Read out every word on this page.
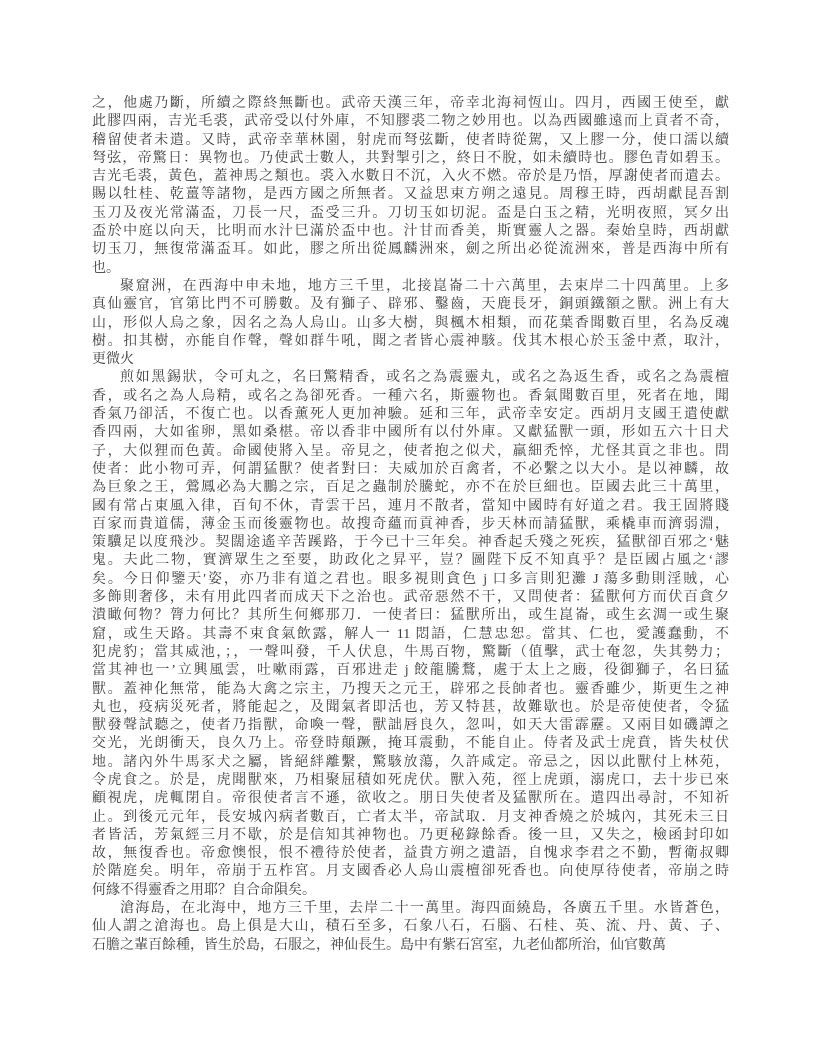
之，他處乃斷，所續之際終無斷也。武帝天漢三年，帝幸北海祠恆山。四月，西國王使至，獻
此膠四兩，吉光毛裘，武帝受以付外庫，不知膠裘二物之妙用也。以為西國雖遠而上貢者不奇，
稽留使者未遣。又時，武帝幸華林園，射虎而弩弦斷，使者時從駕，又上膠一分，使口濡以續
弩弦，帝驚日：異物也。乃使武士數人，共對掣引之，終日不脫，如未續時也。膠色青如碧玉。
吉光毛裘，黃色，蓋神馬之類也。裘入水數日不沉，入火不燃。帝於是乃悟，厚謝使者而遣去。
賜以牡桂、乾薑等諸物，是西方國之所無者。又益思束方朔之遠見。周穆王時，西胡獻昆吾割
玉刀及夜光常滿盃，刀長一尺，盃受三升。刀切玉如切泥。盃是白玉之精，光明夜照，冥夕出
盃於中庭以向天，比明而水汁巳滿於盃中也。汁甘而香美，斯實靈人之器。秦始皇時，西胡獻
切玉刀，無復常滿盃耳。如此，膠之所出從鳳麟洲來，劍之所出必從流洲來，普是西海中所有
也。
聚窟洲，在西海中申未地，地方三千里，北接崑崙二十六萬里，去束岸二十四萬里。上多
真仙靈官，官第比門不可勝數。及有獅子、辟邪、鑿齒，天鹿長牙，銅頭鐵額之獸。洲上有大
山，形似人烏之象，因名之為人烏山。山多大樹，與楓木相類，而花葉香聞數百里，名為反魂
樹。扣其樹，亦能自作聲，聲如群牛吼，聞之者皆心震神駭。伐其木根心於玉釜中煮，取汁，
更微火
煎如黑錫狀，令可丸之，名曰驚精香，或名之為震靈丸，或名之為返生香，或名之為震檀
香，或名之為人烏精，或名之為卻死香。一種六名，斯靈物也。香氣聞數百里，死者在地，聞
香氣乃卻活，不復亡也。以香薰死人更加神驗。延和三年，武帝幸安定。西胡月支國王遣使獻
香四兩，大如雀卵，黑如桑椹。帝以香非中國所有以付外庫。又獻猛獸一頭，形如五六十日犬
子，大似狸而色黃。命國使將入呈。帝見之，使者抱之似犬，羸細禿悴，尤怪其貢之非也。問
使者：此小物可弄，何謂猛獸？使者對曰：夫威加於百禽者，不必繫之以大小。是以神麟，故
為巨象之王，鶯鳳必為大鵬之宗，百足之蟲制於騰蛇，亦不在於巨細也。臣國去此三十萬里，
國有常占東風入律，百旬不休，青雲干呂，連月不散者，當知中國時有好道之君。我王固將賤
百家而貴道儒，薄金玉而後靈物也。故搜奇蘊而貢神香，步天林而請猛獸，乘橇車而濟弱淵，
策驥足以度飛沙。契闊途遙辛苦蹊路，于今已十三年矣。神香起夭殘之死疾，猛獸卻百邪之‘魅
鬼。夫此二物，實濟眾生之至要，助政化之昇平，豈？圖陛下反不知真乎？是臣國占風之‘謬
矣。今日仰鑒天′姿，亦乃非有道之君也。眼多視則貪色 j 口多言則犯灘 J 蕩多動則淫賊，心
多飾則奢侈，未有用此四者而成天下之治也。武帝惡然不干，又問使者：猛獸何方而伏百貪夕
潰瞰何物？膂力何比？其所生何鄉那刀．一使者曰：猛獸所出，或生崑崙，或生玄淍一或生聚
窟，或生天路。其壽不束食氣飲露，解人一 11 悶語，仁慧忠恕。當其、仁也，愛護蠢動，不
犯虎豹；當其威池，；，一聲叫發，千人伏息，牛馬百物，驚斷（值擊，武士奄忽，失其勢力；
當其神也一’立興風雲，吐嗽雨露，百邪进走 j 餃龍騰鶩，處于太上之廄，役御獅子，名曰猛
獸。蓋神化無常，能為大禽之宗主，乃搜天之元王，辟邪之長帥者也。靈香雖少，斯更生之神
丸也，疫病災死者，將能起之，及聞氣者即活也，芳又特甚，故難歇也。於是帝使使者，令猛
獸發聲試聽之，使者乃指獸，命喚一聲，獸詘唇良久，忽叫，如天大雷霹靂。又兩目如磯譚之
交光，光朗衝天，良久乃上。帝登時顛蹶，掩耳震動，不能自止。侍者及武士虎賁，皆失杖伏
地。諸內外牛馬豕犬之屬，皆絕絆離繫，驚駭放蕩，久許咸定。帝忌之，因以此獸付上林苑，
令虎食之。於是，虎聞獸來，乃相聚屈積如死虎伏。獸入苑，徑上虎頭，溺虎口，去十步已來
顧視虎，虎輒閉自。帝很使者言不遜，欲收之。朋日失使者及猛獸所在。遣四出尋討，不知祈
止。到後元元年，長安城內病者數百，亡者太半，帝試取．月支神香燒之於城內，其死未三日
者皆活，芳氣經三月不歇，於是信知其神物也。乃更秘錄餘香。後一旦，又失之，檢函封印如
故，無復香也。帝愈懊恨，恨不禮待於使者，益貴方朔之遺語，自愧求李君之不勤，暫衛叔卿
於階庭矣。明年，帝崩于五柞宮。月支國香必人烏山震檀卻死香也。向使厚待使者，帝崩之時
何緣不得靈香之用耶？自合命隕矣。
滄海島，在北海中，地方三千里，去岸二十一萬里。海四面繞島，各廣五千里。水皆蒼色，
仙人謂之滄海也。島上俱是大山，積石至多，石象八石，石腦、石桂、英、流、丹、黃、子、
石膽之輩百餘種，皆生於島，石服之，神仙長生。島中有紫石宮室，九老仙都所治，仙官數萬
